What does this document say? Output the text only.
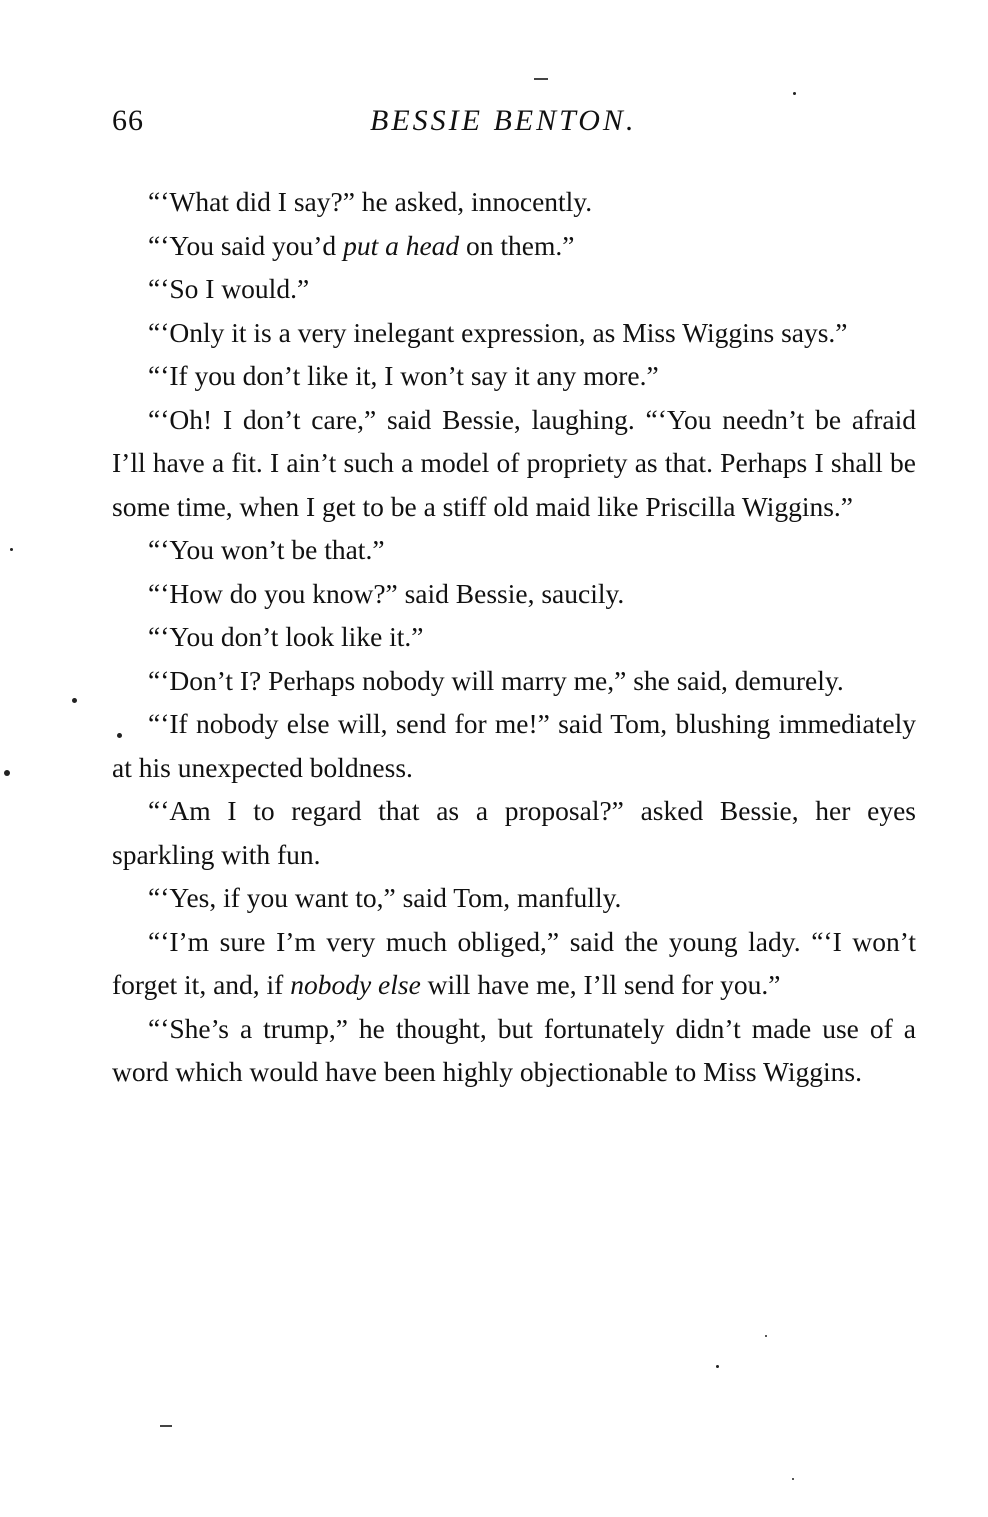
66	BESSIE BENTON.

“‘What did I say?” he asked, innocently.

“‘You said you’d put a head on them.”

“‘So I would.”

“‘Only it is a very inelegant expression, as Miss Wiggins says.”

“‘If you don’t like it, I won’t say it any more.”

“‘Oh! I don’t care,” said Bessie, laughing. “‘You needn’t be afraid I’ll have a fit. I ain’t such a model of propriety as that. Perhaps I shall be some time, when I get to be a stiff old maid like Priscilla Wiggins.”

“‘You won’t be that.”

“‘How do you know?” said Bessie, saucily.

“‘You don’t look like it.”

“‘Don’t I? Perhaps nobody will marry me,” she said, demurely.

“‘If nobody else will, send for me!” said Tom, blushing immediately at his unexpected boldness.

“‘Am I to regard that as a proposal?” asked Bessie, her eyes sparkling with fun.

“‘Yes, if you want to,” said Tom, manfully.

“‘I’m sure I’m very much obliged,” said the young lady. “‘I won’t forget it, and, if nobody else will have me, I’ll send for you.”

“‘She’s a trump,” he thought, but fortunately didn’t made use of a word which would have been highly objectionable to Miss Wiggins.
